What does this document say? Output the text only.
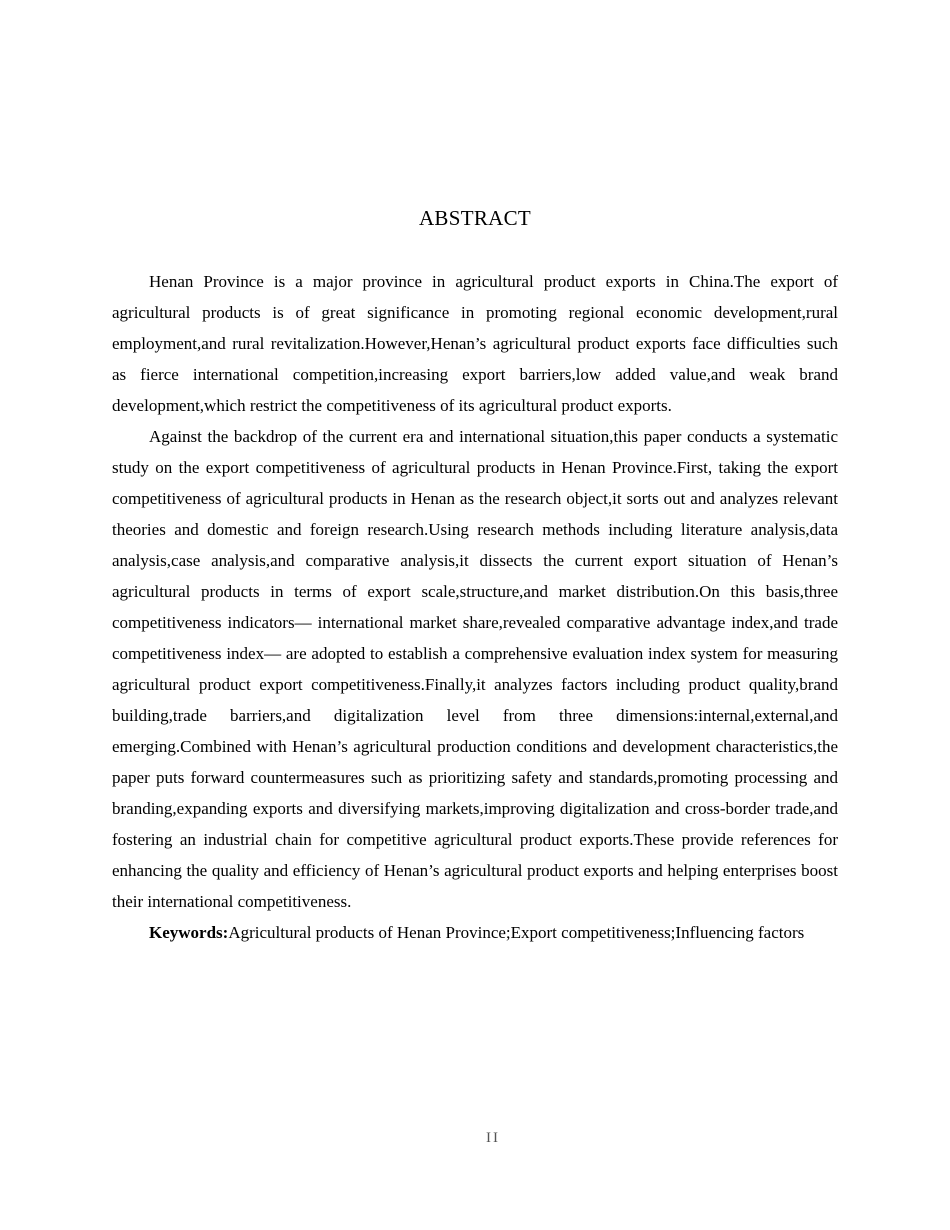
ABSTRACT

Henan Province is a major province in agricultural product exports in China.The export of agricultural products is of great significance in promoting regional economic development,rural employment,and rural revitalization.However,Henan’s agricultural product exports face difficulties such as fierce international competition,increasing export barriers,low added value,and weak brand development,which restrict the competitiveness of its agricultural product exports.

Against the backdrop of the current era and international situation,this paper conducts a systematic study on the export competitiveness of agricultural products in Henan Province.First, taking the export competitiveness of agricultural products in Henan as the research object,it sorts out and analyzes relevant theories and domestic and foreign research.Using research methods including literature analysis,data analysis,case analysis,and comparative analysis,it dissects the current export situation of Henan’s agricultural products in terms of export scale,structure,and market distribution.On this basis,three competitiveness indicators— international market share,revealed comparative advantage index,and trade competitiveness index— are adopted to establish a comprehensive evaluation index system for measuring agricultural product export competitiveness.Finally,it analyzes factors including product quality,brand building,trade barriers,and digitalization level from three dimensions:internal,external,and emerging.Combined with Henan’s agricultural production conditions and development characteristics,the paper puts forward countermeasures such as prioritizing safety and standards,promoting processing and branding,expanding exports and diversifying markets,improving digitalization and cross-border trade,and fostering an industrial chain for competitive agricultural product exports.These provide references for enhancing the quality and efficiency of Henan’s agricultural product exports and helping enterprises boost their international competitiveness.

Keywords:Agricultural products of Henan Province;Export competitiveness;Influencing factors

II
